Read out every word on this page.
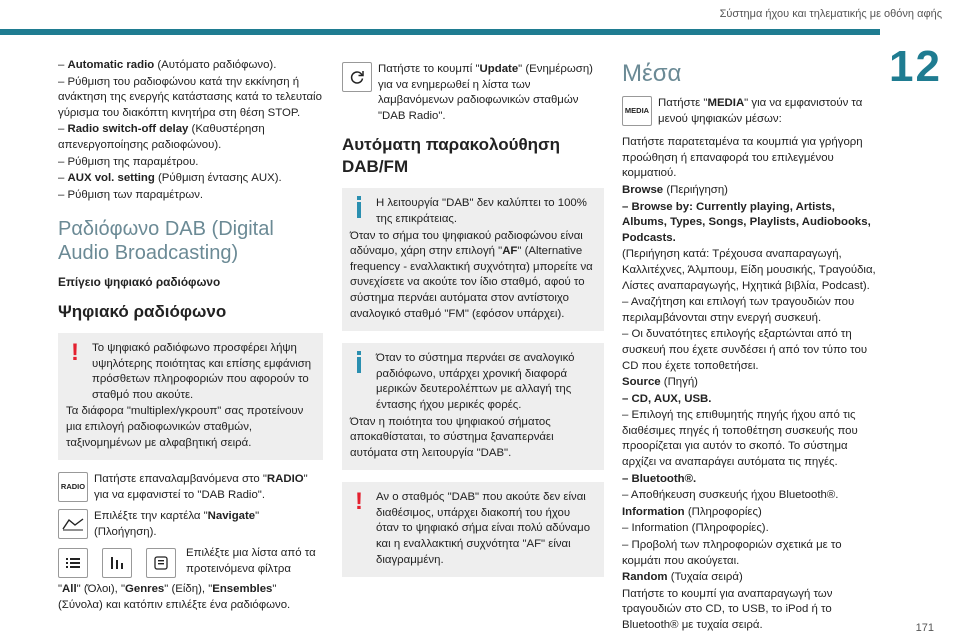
Σύστημα ήχου και τηλεματικής με οθόνη αφής
12
171

– Automatic radio (Αυτόματο ραδιόφωνο).

– Ρύθμιση του ραδιοφώνου κατά την εκκίνηση ή ανάκτηση της ενεργής κατάστασης κατά το τελευταίο γύρισμα του διακόπτη κινητήρα στη θέση STOP.

– Radio switch-off delay (Καθυστέρηση απενεργοποίησης ραδιοφώνου).

– Ρύθμιση της παραμέτρου.

– AUX vol. setting (Ρύθμιση έντασης AUX).

– Ρύθμιση των παραμέτρων.

Ραδιόφωνο DAB (Digital Audio Broadcasting)
Επίγειο ψηφιακό ραδιόφωνο
Ψηφιακό ραδιόφωνο
!	Το ψηφιακό ραδιόφωνο προσφέρει λήψη υψηλότερης ποιότητας και επίσης εμφάνιση πρόσθετων πληροφοριών που αφορούν το σταθμό που ακούτε.

Τα διάφορα "multiplex/γκρουπ" σας προτείνουν μια επιλογή ραδιοφωνικών σταθμών, ταξινομημένων με αλφαβητική σειρά.

RADIO
Πατήστε επαναλαμβανόμενα στο "RADIO" για να εμφανιστεί το "DAB Radio".
Επιλέξτε την καρτέλα "Navigate" (Πλοήγηση).
Επιλέξτε μια λίστα από τα προτεινόμενα φίλτρα

"All" (Όλοι), "Genres" (Είδη), "Ensembles" (Σύνολα) και κατόπιν επιλέξτε ένα ραδιόφωνο.

Πατήστε το κουμπί "Update" (Ενημέρωση) για να ενημερωθεί η λίστα των λαμβανόμενων ραδιοφωνικών σταθμών "DAB Radio".
Αυτόματη παρακολούθηση DAB/FM

Η λειτουργία "DAB" δεν καλύπτει το 100% της επικράτειας.

Όταν το σήμα του ψηφιακού ραδιοφώνου είναι αδύναμο, χάρη στην επιλογή "AF" (Alternative frequency - εναλλακτική συχνότητα) μπορείτε να συνεχίσετε να ακούτε τον ίδιο σταθμό, αφού το σύστημα περνάει αυτόματα στον αντίστοιχο αναλογικό σταθμό "FM" (εφόσον υπάρχει).

Όταν το σύστημα περνάει σε αναλογικό ραδιόφωνο, υπάρχει χρονική διαφορά μερικών δευτερολέπτων με αλλαγή της έντασης ήχου μερικές φορές.

Όταν η ποιότητα του ψηφιακού σήματος αποκαθίσταται, το σύστημα ξαναπερνάει αυτόματα στη λειτουργία "DAB".

!	Αν ο σταθμός "DAB" που ακούτε δεν είναι διαθέσιμος, υπάρχει διακοπή του ήχου όταν το ψηφιακό σήμα είναι πολύ αδύναμο και η εναλλακτική συχνότητα "AF" είναι διαγραμμένη.

Μέσα
MEDIA
Πατήστε "MEDIA" για να εμφανιστούν τα μενού ψηφιακών μέσων:

Πατήστε παρατεταμένα τα κουμπιά για γρήγορη προώθηση ή επαναφορά του επιλεγμένου κομματιού.

Browse (Περιήγηση)

– Browse by: Currently playing, Artists, Albums, Types, Songs, Playlists, Audiobooks, Podcasts.

(Περιήγηση κατά: Τρέχουσα αναπαραγωγή, Καλλιτέχνες, Άλμπουμ, Είδη μουσικής, Τραγούδια, Λίστες αναπαραγωγής, Ηχητικά βιβλία, Podcast).

– Αναζήτηση και επιλογή των τραγουδιών που περιλαμβάνονται στην ενεργή συσκευή.

– Οι δυνατότητες επιλογής εξαρτώνται από τη συσκευή που έχετε συνδέσει ή από τον τύπο του CD που έχετε τοποθετήσει.

Source (Πηγή)

– CD, AUX, USB.

– Επιλογή της επιθυμητής πηγής ήχου από τις διαθέσιμες πηγές ή τοποθέτηση συσκευής που προορίζεται για αυτόν το σκοπό. Το σύστημα αρχίζει να αναπαράγει αυτόματα τις πηγές.

– Bluetooth®.

– Αποθήκευση συσκευής ήχου Bluetooth®.

Information (Πληροφορίες)

– Information (Πληροφορίες).

– Προβολή των πληροφοριών σχετικά με το κομμάτι που ακούγεται.

Random (Τυχαία σειρά)

Πατήστε το κουμπί για αναπαραγωγή των τραγουδιών στο CD, το USB, το iPod ή το Bluetooth® με τυχαία σειρά.
